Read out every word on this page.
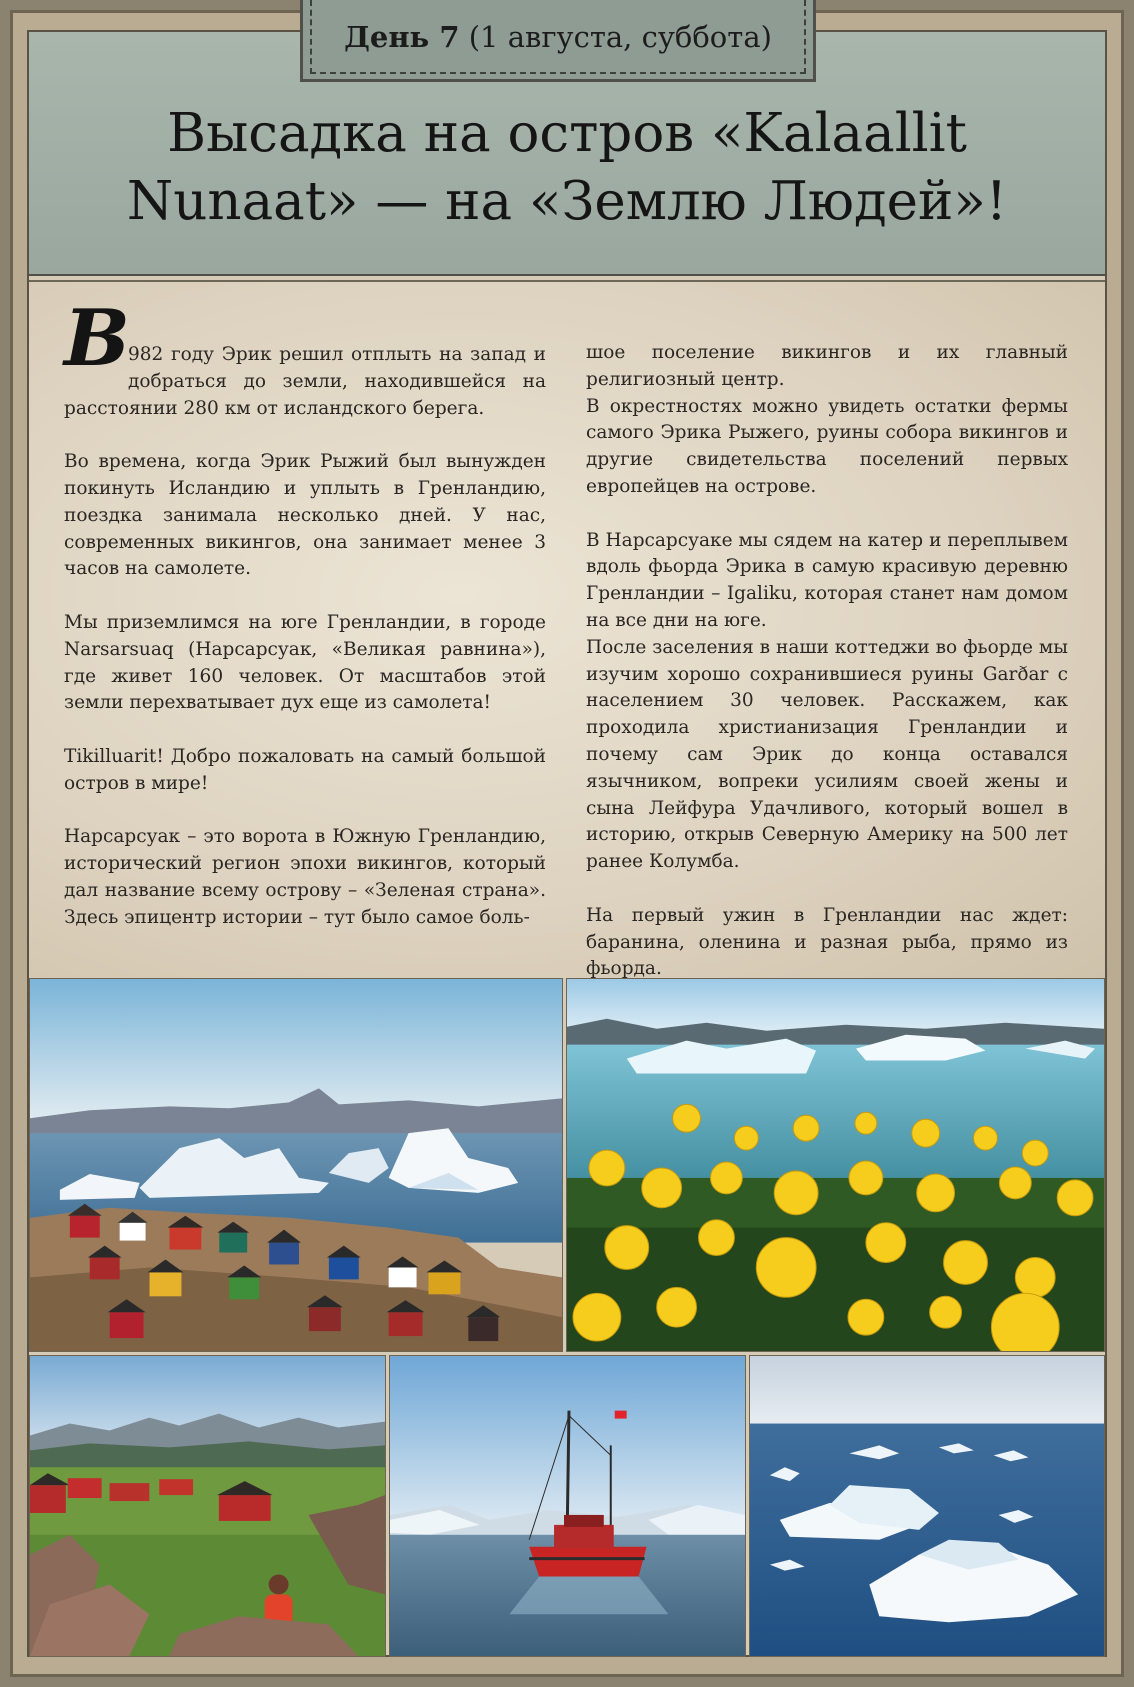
День 7 (1 августа, суббота)
Высадка на остров «Kalaallit Nunaat» — на «Землю Людей»!

В
982 году Эрик решил отплыть на запад и добраться до земли, находившейся на расстоянии 280 км от исландского берега.

Во времена, когда Эрик Рыжий был вынужден покинуть Исландию и уплыть в Гренландию, поездка занимала несколько дней. У нас, современных викингов, она занимает менее 3 часов на самолете.

Мы приземлимся на юге Гренландии, в городе Narsarsuaq (Нарсарсуак, «Великая равнина»), где живет 160 человек. От масштабов этой земли перехватывает дух еще из самолета!

Tikilluarit! Добро пожаловать на самый большой остров в мире!

Нарсарсуак – это ворота в Южную Гренландию, исторический регион эпохи викингов, который дал название всему острову – «Зеленая страна». Здесь эпицентр истории – тут было самое боль-

шое поселение викингов и их главный религиозный центр.

В окрестностях можно увидеть остатки фермы самого Эрика Рыжего, руины собора викингов и другие свидетельства поселений первых европейцев на острове.

В Нарсарсуаке мы сядем на катер и переплывем вдоль фьорда Эрика в самую красивую деревню Гренландии – Igaliku, которая станет нам домом на все дни на юге.

После заселения в наши коттеджи во фьорде мы изучим хорошо сохранившиеся руины Garðar с населением 30 человек. Расскажем, как проходила христианизация Гренландии и почему сам Эрик до конца оставался язычником, вопреки усилиям своей жены и сына Лейфура Удачливого, который вошел в историю, открыв Северную Америку на 500 лет ранее Колумба.

На первый ужин в Гренландии нас ждет: баранина, оленина и разная рыба, прямо из фьорда.
